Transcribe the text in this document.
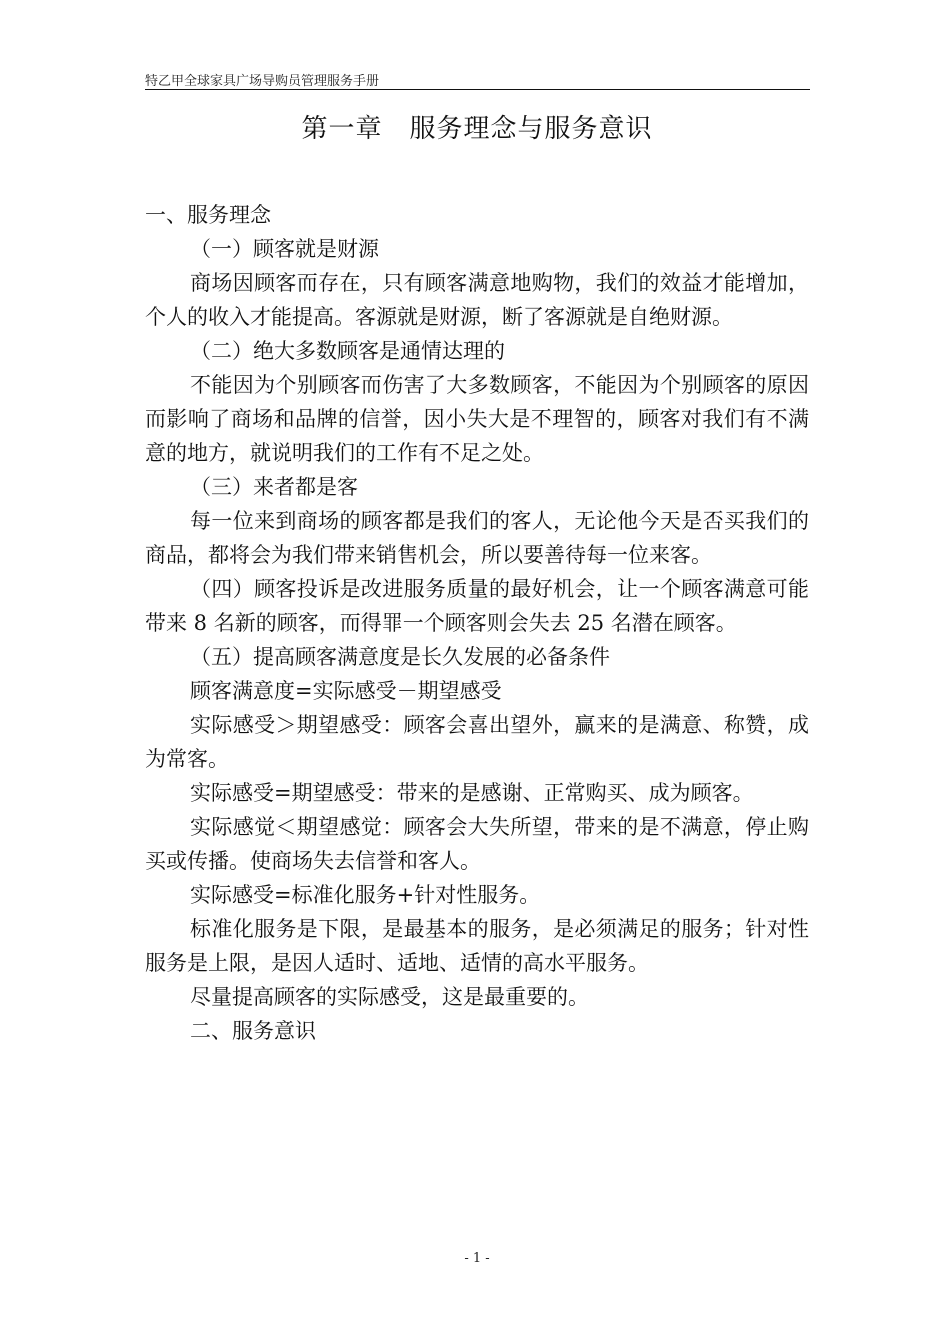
特乙甲全球家具广场导购员管理服务手册
第一章　服务理念与服务意识

一、服务理念

（一）顾客就是财源

商场因顾客而存在，只有顾客满意地购物，我们的效益才能增加，个人的收入才能提高。客源就是财源，断了客源就是自绝财源。

（二）绝大多数顾客是通情达理的

不能因为个别顾客而伤害了大多数顾客，不能因为个别顾客的原因而影响了商场和品牌的信誉，因小失大是不理智的，顾客对我们有不满意的地方，就说明我们的工作有不足之处。

（三）来者都是客

每一位来到商场的顾客都是我们的客人，无论他今天是否买我们的商品，都将会为我们带来销售机会，所以要善待每一位来客。

（四）顾客投诉是改进服务质量的最好机会，让一个顾客满意可能带来 8 名新的顾客，而得罪一个顾客则会失去 25 名潜在顾客。

（五）提高顾客满意度是长久发展的必备条件

顾客满意度=实际感受－期望感受

实际感受＞期望感受：顾客会喜出望外，赢来的是满意、称赞，成为常客。

实际感受=期望感受：带来的是感谢、正常购买、成为顾客。

实际感觉＜期望感觉：顾客会大失所望，带来的是不满意，停止购买或传播。使商场失去信誉和客人。

实际感受=标准化服务+针对性服务。

标准化服务是下限，是最基本的服务，是必须满足的服务；针对性服务是上限，是因人适时、适地、适情的高水平服务。

尽量提高顾客的实际感受，这是最重要的。

二、服务意识

- 1 -
